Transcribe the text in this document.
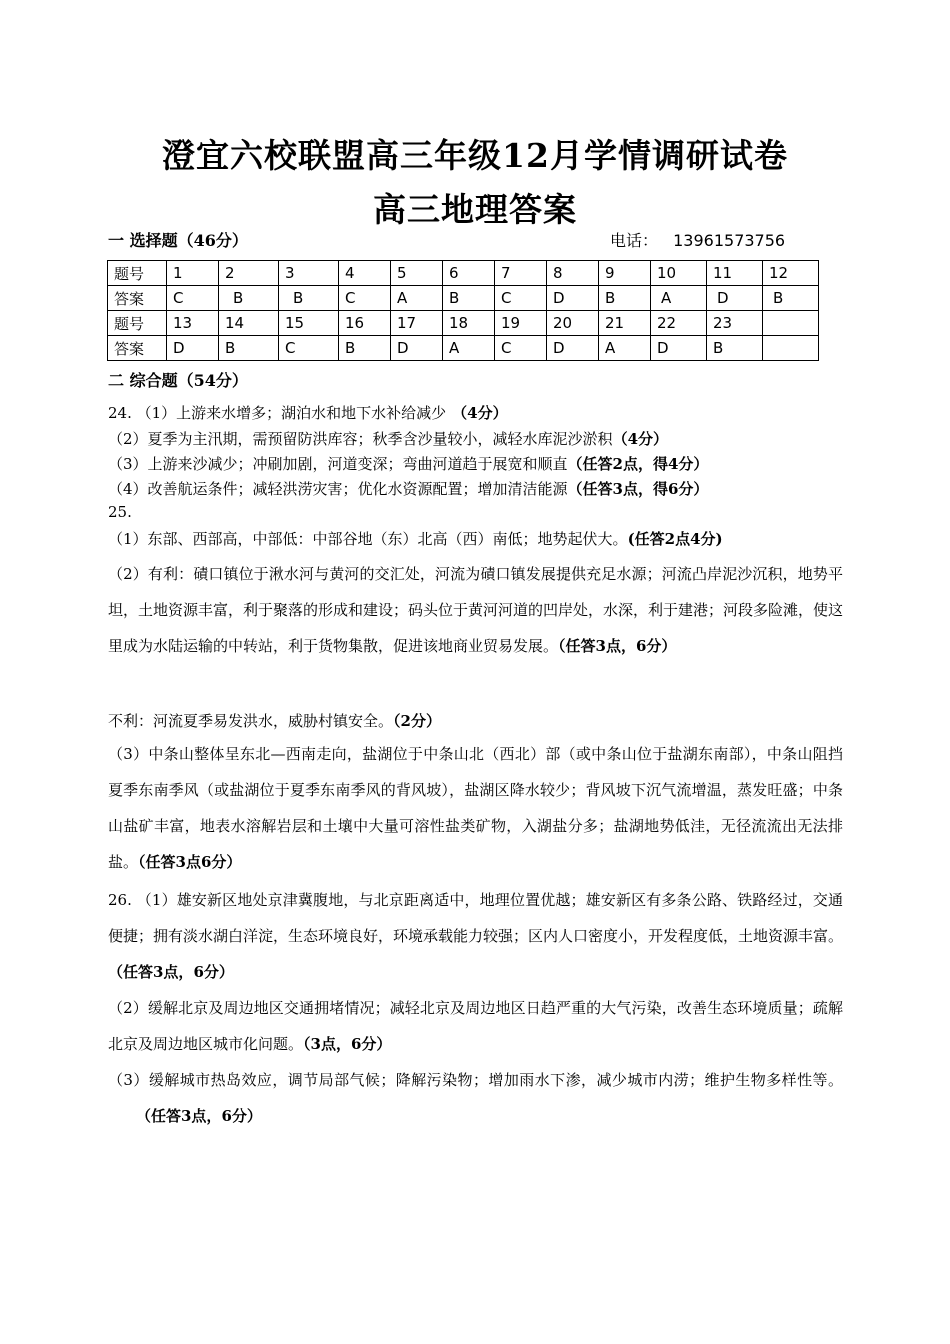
澄宜六校联盟高三年级12月学情调研试卷
高三地理答案
一 选择题（46分）	电话： 13961573756
题号	1	2	3	4	5	6	7	8	9	10	11	12
答案	C	B	B	C	A	B	C	D	B	A	D	B
题号	13	14	15	16	17	18	19	20	21	22	23	
答案	D	B	C	B	D	A	C	D	A	D	B	
二 综合题（54分）
24. （1）上游来水增多；湖泊水和地下水补给减少 （4分）
（2）夏季为主汛期，需预留防洪库容；秋季含沙量较小，减轻水库泥沙淤积（4分）
（3）上游来沙减少；冲刷加剧，河道变深；弯曲河道趋于展宽和顺直（任答2点，得4分）
（4）改善航运条件；减轻洪涝灾害；优化水资源配置；增加清洁能源（任答3点，得6分）
25.
（1）东部、西部高，中部低：中部谷地（东）北高（西）南低；地势起伏大。(任答2点4分)
（2）有利：磧口镇位于湫水河与黄河的交汇处，河流为磧口镇发展提供充足水源；河流凸岸泥沙沉积，地势平坦，土地资源丰富，利于聚落的形成和建设；码头位于黄河河道的凹岸处，水深，利于建港；河段多险滩，使这里成为水陆运输的中转站，利于货物集散，促进该地商业贸易发展。（任答3点，6分）
不利：河流夏季易发洪水，威胁村镇安全。（2分）
（3）中条山整体呈东北—西南走向，盐湖位于中条山北（西北）部（或中条山位于盐湖东南部），中条山阻挡夏季东南季风（或盐湖位于夏季东南季风的背风坡），盐湖区降水较少；背风坡下沉气流增温，蒸发旺盛；中条山盐矿丰富，地表水溶解岩层和土壤中大量可溶性盐类矿物，入湖盐分多；盐湖地势低洼，无径流流出无法排盐。（任答3点6分）
26. （1）雄安新区地处京津冀腹地，与北京距离适中，地理位置优越；雄安新区有多条公路、铁路经过，交通便捷；拥有淡水湖白洋淀，生态环境良好，环境承载能力较强；区内人口密度小，开发程度低，土地资源丰富。（任答3点，6分）
（2）缓解北京及周边地区交通拥堵情况；减轻北京及周边地区日趋严重的大气污染，改善生态环境质量；疏解北京及周边地区城市化问题。（3点，6分）
（3）缓解城市热岛效应，调节局部气候；降解污染物；增加雨水下渗，减少城市内涝；维护生物多样性等。（任答3点，6分）
